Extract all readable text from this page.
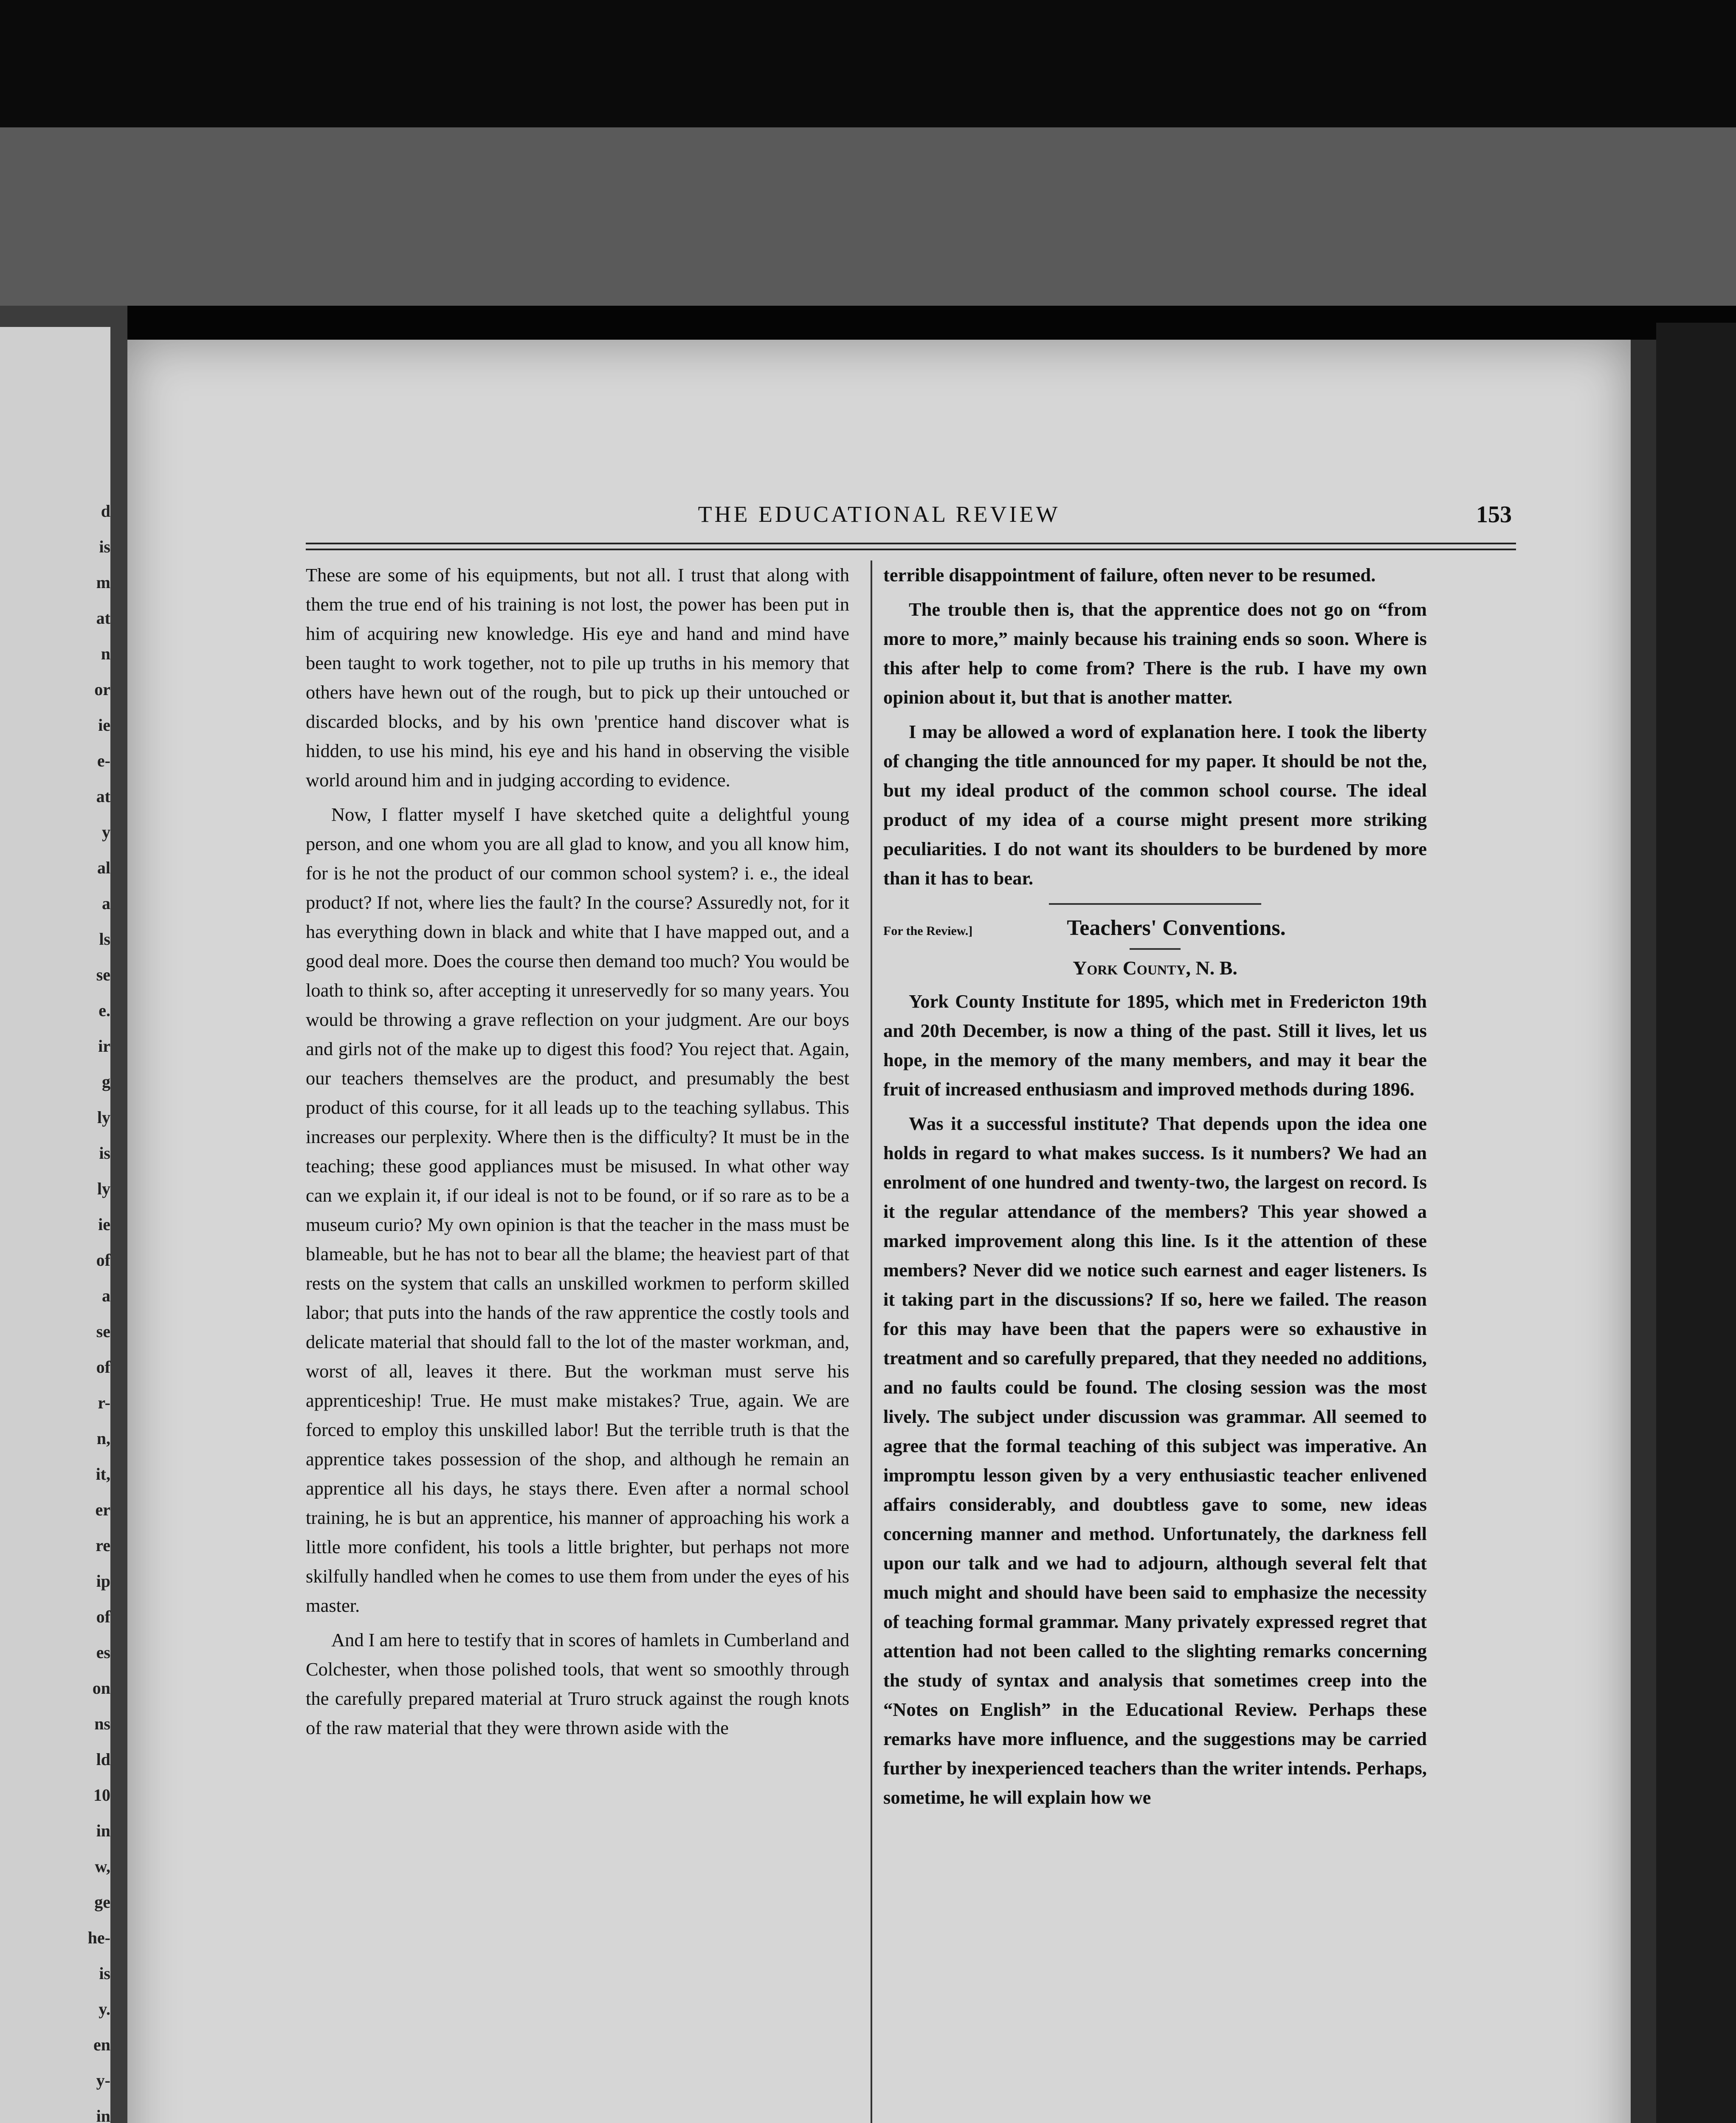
d
is
m
at
n
or
ie
e-
at
y
al
a
ls
se
e.
ir
g
ly
is
ly
ie
of
a
se
of
r-
n,
it,
er
re
ip
of
es
on
ns
ld
10
in
w,
ge
he-
is
y.
en
y-
in
THE EDUCATIONAL REVIEW	153

These are some of his equipments, but not all. I trust that along with them the true end of his training is not lost, the power has been put in him of acquiring new knowledge. His eye and hand and mind have been taught to work together, not to pile up truths in his memory that others have hewn out of the rough, but to pick up their untouched or discarded blocks, and by his own 'prentice hand discover what is hidden, to use his mind, his eye and his hand in observing the visible world around him and in judging according to evidence.

Now, I flatter myself I have sketched quite a delightful young person, and one whom you are all glad to know, and you all know him, for is he not the product of our common school system? i. e., the ideal product? If not, where lies the fault? In the course? Assuredly not, for it has everything down in black and white that I have mapped out, and a good deal more. Does the course then demand too much? You would be loath to think so, after accepting it unreservedly for so many years. You would be throwing a grave reflection on your judgment. Are our boys and girls not of the make up to digest this food? You reject that. Again, our teachers themselves are the product, and presumably the best product of this course, for it all leads up to the teaching syllabus. This increases our perplexity. Where then is the difficulty? It must be in the teaching; these good appliances must be misused. In what other way can we explain it, if our ideal is not to be found, or if so rare as to be a museum curio? My own opinion is that the teacher in the mass must be blameable, but he has not to bear all the blame; the heaviest part of that rests on the system that calls an unskilled workmen to perform skilled labor; that puts into the hands of the raw apprentice the costly tools and delicate material that should fall to the lot of the master workman, and, worst of all, leaves it there. But the workman must serve his apprenticeship! True. He must make mistakes? True, again. We are forced to employ this unskilled labor! But the terrible truth is that the apprentice takes possession of the shop, and although he remain an apprentice all his days, he stays there. Even after a normal school training, he is but an apprentice, his manner of approaching his work a little more confident, his tools a little brighter, but perhaps not more skilfully handled when he comes to use them from under the eyes of his master.

And I am here to testify that in scores of hamlets in Cumberland and Colchester, when those polished tools, that went so smoothly through the carefully prepared material at Truro struck against the rough knots of the raw material that they were thrown aside with the

terrible disappointment of failure, often never to be resumed.

The trouble then is, that the apprentice does not go on “from more to more,” mainly because his training ends so soon. Where is this after help to come from? There is the rub. I have my own opinion about it, but that is another matter.

I may be allowed a word of explanation here. I took the liberty of changing the title announced for my paper. It should be not the, but my ideal product of the common school course. The ideal product of my idea of a course might present more striking peculiarities. I do not want its shoulders to be burdened by more than it has to bear.

For the Review.]	Teachers' Conventions.
York County, N. B.

York County Institute for 1895, which met in Fredericton 19th and 20th December, is now a thing of the past. Still it lives, let us hope, in the memory of the many members, and may it bear the fruit of increased enthusiasm and improved methods during 1896.

Was it a successful institute? That depends upon the idea one holds in regard to what makes success. Is it numbers? We had an enrolment of one hundred and twenty-two, the largest on record. Is it the regular attendance of the members? This year showed a marked improvement along this line. Is it the attention of these members? Never did we notice such earnest and eager listeners. Is it taking part in the discussions? If so, here we failed. The reason for this may have been that the papers were so exhaustive in treatment and so carefully prepared, that they needed no additions, and no faults could be found. The closing session was the most lively. The subject under discussion was grammar. All seemed to agree that the formal teaching of this subject was imperative. An impromptu lesson given by a very enthusiastic teacher enlivened affairs considerably, and doubtless gave to some, new ideas concerning manner and method. Unfortunately, the darkness fell upon our talk and we had to adjourn, although several felt that much might and should have been said to emphasize the necessity of teaching formal grammar. Many privately expressed regret that attention had not been called to the slighting remarks concerning the study of syntax and analysis that sometimes creep into the “Notes on English” in the Educational Review. Perhaps these remarks have more influence, and the suggestions may be carried further by inexperienced teachers than the writer intends. Perhaps, sometime, he will explain how we
